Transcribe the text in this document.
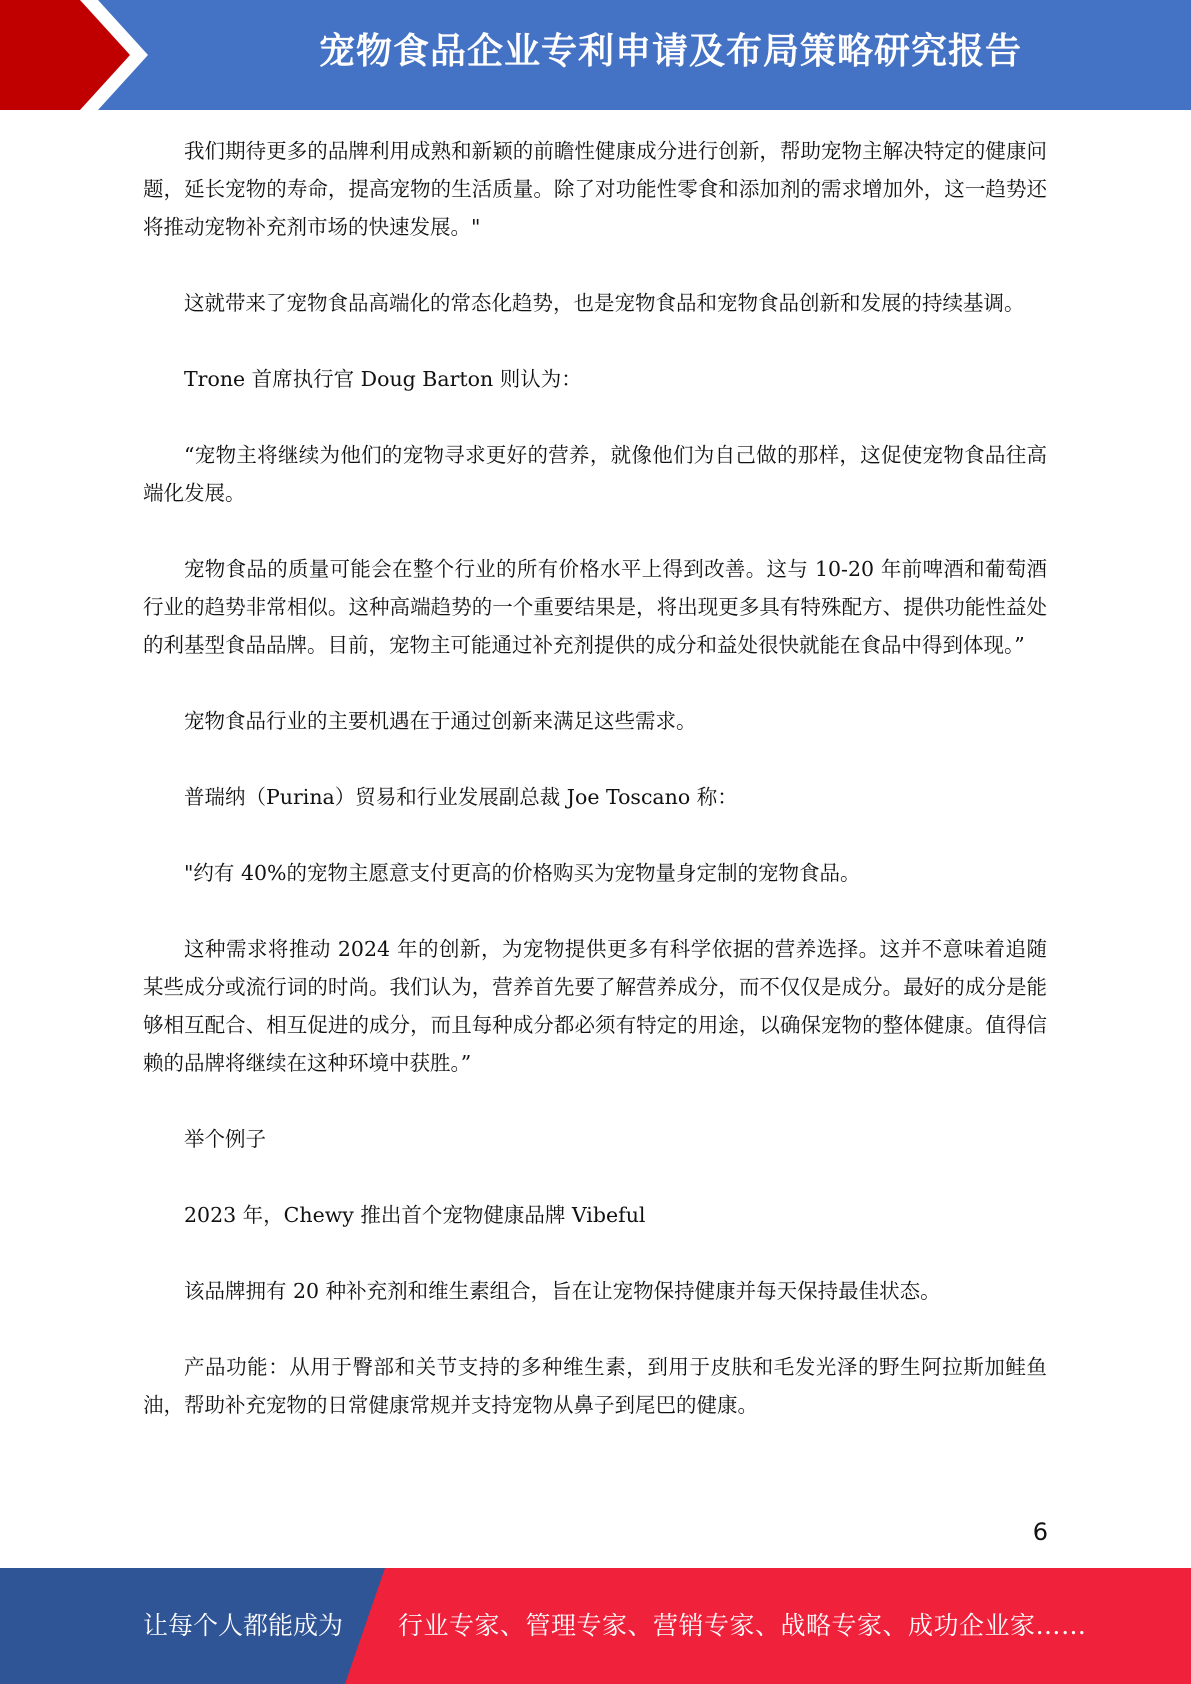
宠物食品企业专利申请及布局策略研究报告

我们期待更多的品牌利用成熟和新颖的前瞻性健康成分进行创新，帮助宠物主解决特定的健康问题，延长宠物的寿命，提高宠物的生活质量。除了对功能性零食和添加剂的需求增加外，这一趋势还将推动宠物补充剂市场的快速发展。"

这就带来了宠物食品高端化的常态化趋势，也是宠物食品和宠物食品创新和发展的持续基调。

Trone 首席执行官 Doug Barton 则认为：

“宠物主将继续为他们的宠物寻求更好的营养，就像他们为自己做的那样，这促使宠物食品往高端化发展。

宠物食品的质量可能会在整个行业的所有价格水平上得到改善。这与 10-20 年前啤酒和葡萄酒行业的趋势非常相似。这种高端趋势的一个重要结果是，将出现更多具有特殊配方、提供功能性益处的利基型食品品牌。目前，宠物主可能通过补充剂提供的成分和益处很快就能在食品中得到体现。”

宠物食品行业的主要机遇在于通过创新来满足这些需求。

普瑞纳（Purina）贸易和行业发展副总裁 Joe Toscano 称：

"约有 40%的宠物主愿意支付更高的价格购买为宠物量身定制的宠物食品。

这种需求将推动 2024 年的创新，为宠物提供更多有科学依据的营养选择。这并不意味着追随某些成分或流行词的时尚。我们认为，营养首先要了解营养成分，而不仅仅是成分。最好的成分是能够相互配合、相互促进的成分，而且每种成分都必须有特定的用途，以确保宠物的整体健康。值得信赖的品牌将继续在这种环境中获胜。”

举个例子

2023 年，Chewy 推出首个宠物健康品牌 Vibeful

该品牌拥有 20 种补充剂和维生素组合，旨在让宠物保持健康并每天保持最佳状态。

产品功能：从用于臀部和关节支持的多种维生素，到用于皮肤和毛发光泽的野生阿拉斯加鲑鱼油，帮助补充宠物的日常健康常规并支持宠物从鼻子到尾巴的健康。

6
让每个人都能成为 行业专家、管理专家、营销专家、战略专家、成功企业家……
